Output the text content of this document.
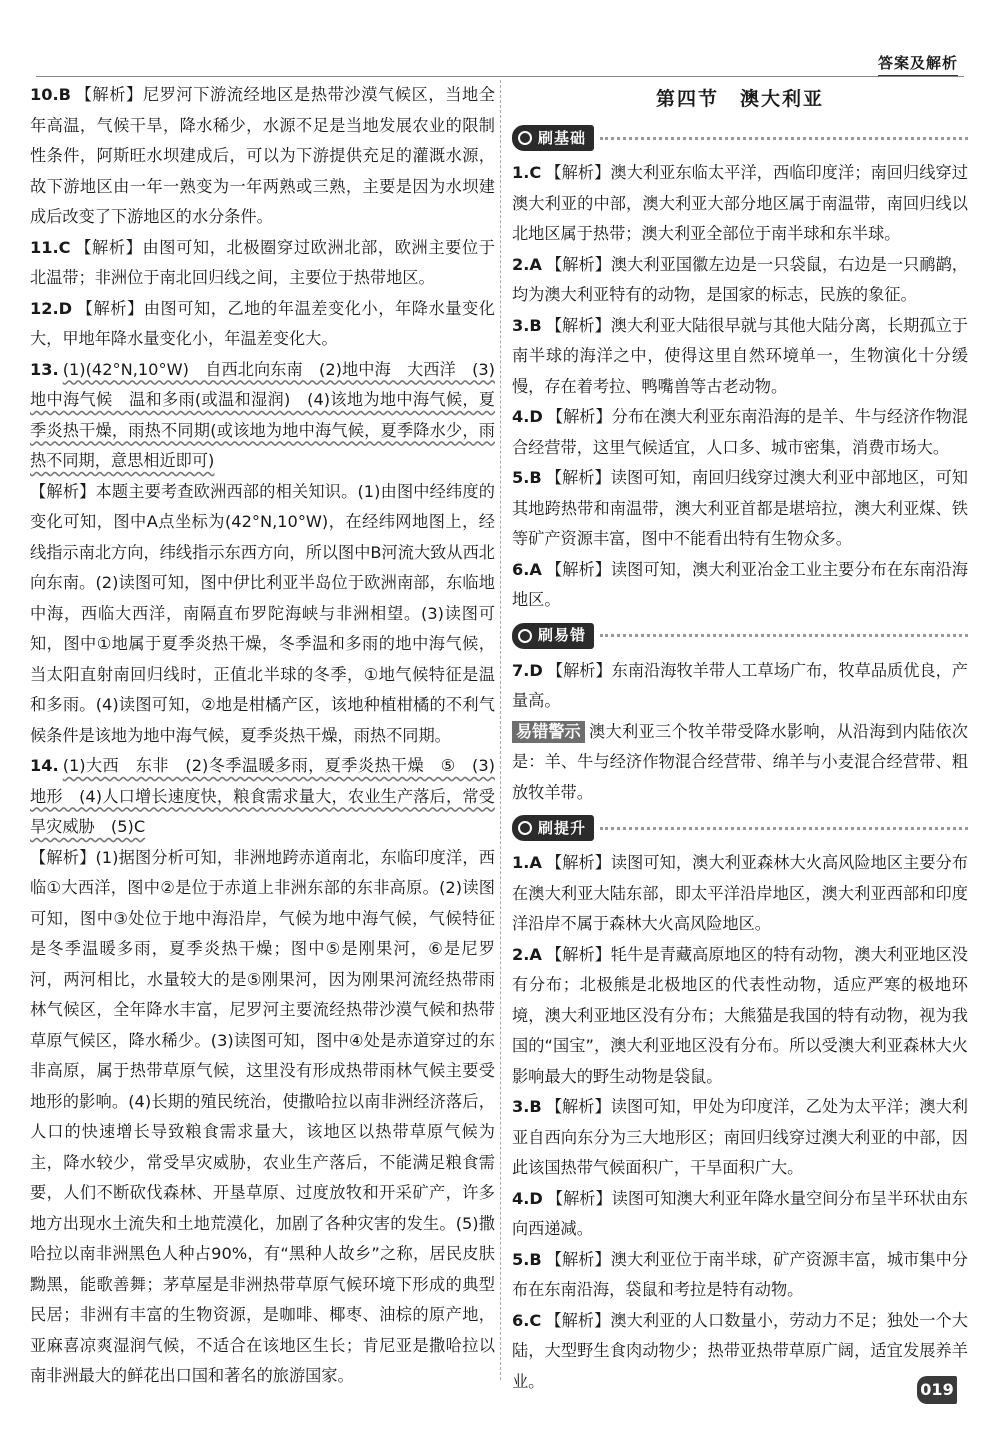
答案及解析

10.B 【解析】尼罗河下游流经地区是热带沙漠气候区，当地全年高温，气候干旱，降水稀少，水源不足是当地发展农业的限制性条件，阿斯旺水坝建成后，可以为下游提供充足的灌溉水源，故下游地区由一年一熟变为一年两熟或三熟，主要是因为水坝建成后改变了下游地区的水分条件。

11.C 【解析】由图可知，北极圈穿过欧洲北部，欧洲主要位于北温带；非洲位于南北回归线之间，主要位于热带地区。

12.D 【解析】由图可知，乙地的年温差变化小，年降水量变化大，甲地年降水量变化小，年温差变化大。

13. (1)(42°N,10°W)　自西北向东南　(2)地中海　大西洋　(3)地中海气候　温和多雨(或温和湿润)　(4)该地为地中海气候，夏季炎热干燥，雨热不同期(或该地为地中海气候，夏季降水少，雨热不同期，意思相近即可)

【解析】本题主要考查欧洲西部的相关知识。(1)由图中经纬度的变化可知，图中A点坐标为(42°N,10°W)，在经纬网地图上，经线指示南北方向，纬线指示东西方向，所以图中B河流大致从西北向东南。(2)读图可知，图中伊比利亚半岛位于欧洲南部，东临地中海，西临大西洋，南隔直布罗陀海峡与非洲相望。(3)读图可知，图中①地属于夏季炎热干燥，冬季温和多雨的地中海气候，当太阳直射南回归线时，正值北半球的冬季，①地气候特征是温和多雨。(4)读图可知，②地是柑橘产区，该地种植柑橘的不利气候条件是该地为地中海气候，夏季炎热干燥，雨热不同期。

14. (1)大西　东非　(2)冬季温暖多雨，夏季炎热干燥　⑤　(3)地形　(4)人口增长速度快，粮食需求量大，农业生产落后，常受旱灾威胁　(5)C

【解析】(1)据图分析可知，非洲地跨赤道南北，东临印度洋，西临①大西洋，图中②是位于赤道上非洲东部的东非高原。(2)读图可知，图中③处位于地中海沿岸，气候为地中海气候，气候特征是冬季温暖多雨，夏季炎热干燥；图中⑤是刚果河，⑥是尼罗河，两河相比，水量较大的是⑤刚果河，因为刚果河流经热带雨林气候区，全年降水丰富，尼罗河主要流经热带沙漠气候和热带草原气候区，降水稀少。(3)读图可知，图中④处是赤道穿过的东非高原，属于热带草原气候，这里没有形成热带雨林气候主要受地形的影响。(4)长期的殖民统治，使撒哈拉以南非洲经济落后，人口的快速增长导致粮食需求量大，该地区以热带草原气候为主，降水较少，常受旱灾威胁，农业生产落后，不能满足粮食需要，人们不断砍伐森林、开垦草原、过度放牧和开采矿产，许多地方出现水土流失和土地荒漠化，加剧了各种灾害的发生。(5)撒哈拉以南非洲黑色人种占90%，有“黑种人故乡”之称，居民皮肤黝黑，能歌善舞；茅草屋是非洲热带草原气候环境下形成的典型民居；非洲有丰富的生物资源，是咖啡、椰枣、油棕的原产地，亚麻喜凉爽湿润气候，不适合在该地区生长；肯尼亚是撒哈拉以南非洲最大的鲜花出口国和著名的旅游国家。

第四节　澳大利亚
刷基础

1.C 【解析】澳大利亚东临太平洋，西临印度洋；南回归线穿过澳大利亚的中部，澳大利亚大部分地区属于南温带，南回归线以北地区属于热带；澳大利亚全部位于南半球和东半球。

2.A 【解析】澳大利亚国徽左边是一只袋鼠，右边是一只鸸鹋，均为澳大利亚特有的动物，是国家的标志，民族的象征。

3.B 【解析】澳大利亚大陆很早就与其他大陆分离，长期孤立于南半球的海洋之中，使得这里自然环境单一，生物演化十分缓慢，存在着考拉、鸭嘴兽等古老动物。

4.D 【解析】分布在澳大利亚东南沿海的是羊、牛与经济作物混合经营带，这里气候适宜，人口多、城市密集，消费市场大。

5.B 【解析】读图可知，南回归线穿过澳大利亚中部地区，可知其地跨热带和南温带，澳大利亚首都是堪培拉，澳大利亚煤、铁等矿产资源丰富，图中不能看出特有生物众多。

6.A 【解析】读图可知，澳大利亚冶金工业主要分布在东南沿海地区。

刷易错

7.D 【解析】东南沿海牧羊带人工草场广布，牧草品质优良，产量高。

易错警示 澳大利亚三个牧羊带受降水影响，从沿海到内陆依次是：羊、牛与经济作物混合经营带、绵羊与小麦混合经营带、粗放牧羊带。

刷提升

1.A 【解析】读图可知，澳大利亚森林大火高风险地区主要分布在澳大利亚大陆东部，即太平洋沿岸地区，澳大利亚西部和印度洋沿岸不属于森林大火高风险地区。

2.A 【解析】牦牛是青藏高原地区的特有动物，澳大利亚地区没有分布；北极熊是北极地区的代表性动物，适应严寒的极地环境，澳大利亚地区没有分布；大熊猫是我国的特有动物，视为我国的“国宝”，澳大利亚地区没有分布。所以受澳大利亚森林大火影响最大的野生动物是袋鼠。

3.B 【解析】读图可知，甲处为印度洋，乙处为太平洋；澳大利亚自西向东分为三大地形区；南回归线穿过澳大利亚的中部，因此该国热带气候面积广，干旱面积广大。

4.D 【解析】读图可知澳大利亚年降水量空间分布呈半环状由东向西递减。

5.B 【解析】澳大利亚位于南半球，矿产资源丰富，城市集中分布在东南沿海，袋鼠和考拉是特有动物。

6.C 【解析】澳大利亚的人口数量小，劳动力不足；独处一个大陆，大型野生食肉动物少；热带亚热带草原广阔，适宜发展养羊业。	019
